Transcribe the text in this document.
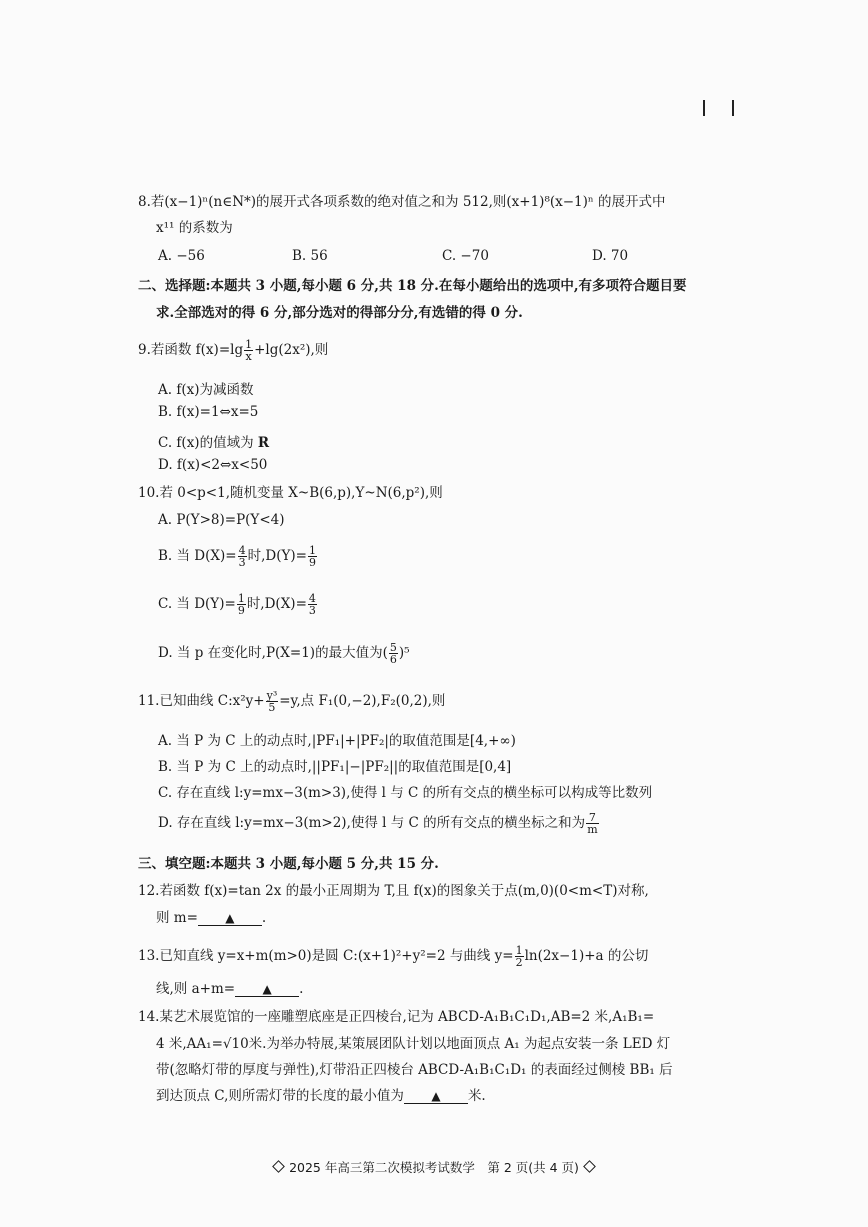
8.若(x−1)ⁿ(n∈N*)的展开式各项系数的绝对值之和为 512,则(x+1)⁸(x−1)ⁿ 的展开式中
x¹¹ 的系数为
A. −56	B. 56	C. −70	D. 70
二、选择题:本题共 3 小题,每小题 6 分,共 18 分.在每小题给出的选项中,有多项符合题目要
求.全部选对的得 6 分,部分选对的得部分分,有选错的得 0 分.
9.若函数 $f(x)=\lg \frac{1}{x} +\lg(2x^2)$,则
A. f(x)为减函数
B. f(x)=1⇔x=5
C. f(x)的值域为 R
D. f(x)<2⇔x<50
10.若 0<p<1,随机变量 X~B(6,p),Y~N(6,p²),则
A. P(Y>8)=P(Y<4)
B. 当 $D(X)= \frac{4}{3}$ 时$,D(Y)= \frac{1}{9}$
C. 当 $D(Y)= \frac{1}{9}$ 时$,D(X)= \frac{4}{3}$
D. 当 p 在变化时,P(X=1)的最大值为( $\frac{5}{6} )^5$
11.已知曲线 C:x²y+ $\frac{\text{y³}}{5} =y$,点 F₁(0,−2),F₂(0,2),则
A. 当 P 为 C 上的动点时,|PF₁|+|PF₂|的取值范围是[4,+∞)
B. 当 P 为 C 上的动点时,||PF₁|−|PF₂||的取值范围是[0,4]
C. 存在直线 l:y=mx−3(m>3),使得 l 与 C 的所有交点的横坐标可以构成等比数列
D. 存在直线 l:y=mx−3(m>2),使得 l 与 C 的所有交点的横坐标之和为 $\frac{7}{m}$
三、填空题:本题共 3 小题,每小题 5 分,共 15 分.
12.若函数 f(x)=tan 2x 的最小正周期为 T,且 f(x)的图象关于点(m,0)(0<m<T)对称,
则 m= ▲ .
13.已知直线 y=x+m(m>0)是圆 C:(x+1)²+y²=2 与曲线 $y= \frac{1}{2} \ln(2x-1)+a$ 的公切
线,则 a+m= ▲ .
14.某艺术展览馆的一座雕塑底座是正四棱台,记为 ABCD-A₁B₁C₁D₁,AB=2 米,A₁B₁=
4 米,AA₁=√10米.为举办特展,某策展团队计划以地面顶点 A₁ 为起点安装一条 LED 灯
带(忽略灯带的厚度与弹性),灯带沿正四棱台 ABCD-A₁B₁C₁D₁ 的表面经过侧棱 BB₁ 后
到达顶点 C,则所需灯带的长度的最小值为 ▲ 米.
2025 年高三第二次模拟考试数学　第 2 页(共 4 页)
